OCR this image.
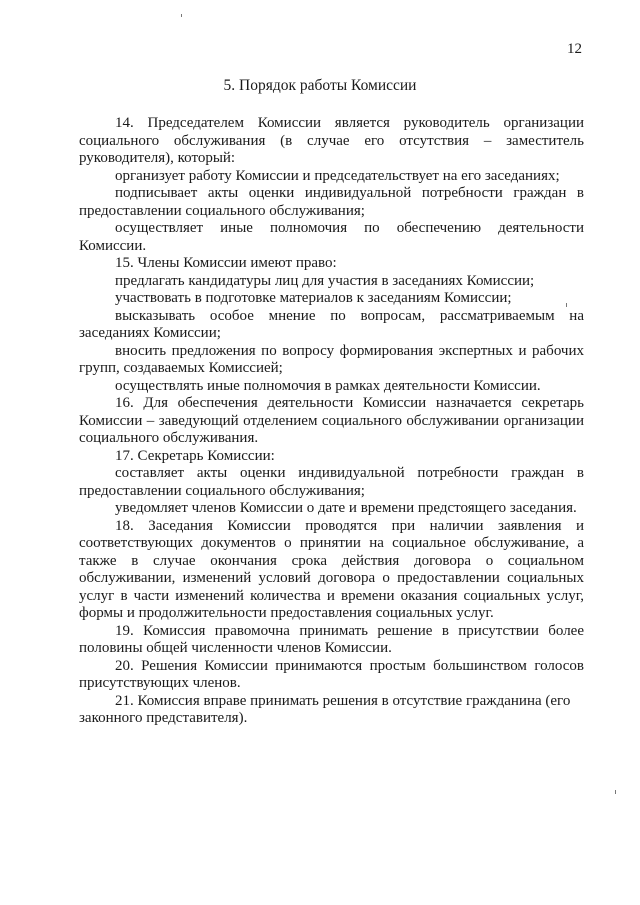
12
5. Порядок работы Комиссии

14. Председателем Комиссии является руководитель организации социального обслуживания (в случае его отсутствия – заместитель руководителя), который:

организует работу Комиссии и председательствует на его заседаниях;

подписывает акты оценки индивидуальной потребности граждан в предоставлении социального обслуживания;

осуществляет иные полномочия по обеспечению деятельности Комиссии.

15. Члены Комиссии имеют право:

предлагать кандидатуры лиц для участия в заседаниях Комиссии;

участвовать в подготовке материалов к заседаниям Комиссии;

высказывать особое мнение по вопросам, рассматриваемым на заседаниях Комиссии;

вносить предложения по вопросу формирования экспертных и рабочих групп, создаваемых Комиссией;

осуществлять иные полномочия в рамках деятельности Комиссии.

16. Для обеспечения деятельности Комиссии назначается секретарь Комиссии – заведующий отделением социального обслуживании организации социального обслуживания.

17. Секретарь Комиссии:

составляет акты оценки индивидуальной потребности граждан в предоставлении социального обслуживания;

уведомляет членов Комиссии о дате и времени предстоящего заседания.

18. Заседания Комиссии проводятся при наличии заявления и соответствующих документов о принятии на социальное обслуживание, а также в случае окончания срока действия договора о социальном обслуживании, изменений условий договора о предоставлении социальных услуг в части изменений количества и времени оказания социальных услуг, формы и продолжительности предоставления социальных услуг.

19. Комиссия правомочна принимать решение в присутствии более половины общей численности членов Комиссии.

20. Решения Комиссии принимаются простым большинством голосов присутствующих членов.

21. Комиссия вправе принимать решения в отсутствие гражданина (его законного представителя).
